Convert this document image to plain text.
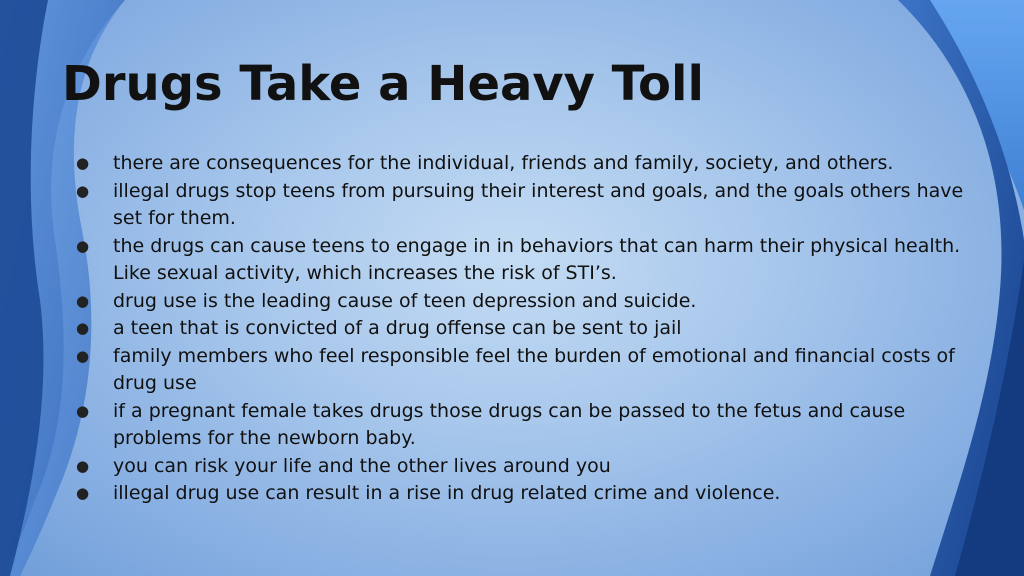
Drugs Take a Heavy Toll
● there are consequences for the individual, friends and family, society, and others.
● illegal drugs stop teens from pursuing their interest and goals, and the goals others have set for them.
● the drugs can cause teens to engage in in behaviors that can harm their physical health. Like sexual activity, which increases the risk of STI’s.
● drug use is the leading cause of teen depression and suicide.
● a teen that is convicted of a drug offense can be sent to jail
● family members who feel responsible feel the burden of emotional and financial costs of drug use
● if a pregnant female takes drugs those drugs can be passed to the fetus and cause problems for the newborn baby.
● you can risk your life and the other lives around you
● illegal drug use can result in a rise in drug related crime and violence.
